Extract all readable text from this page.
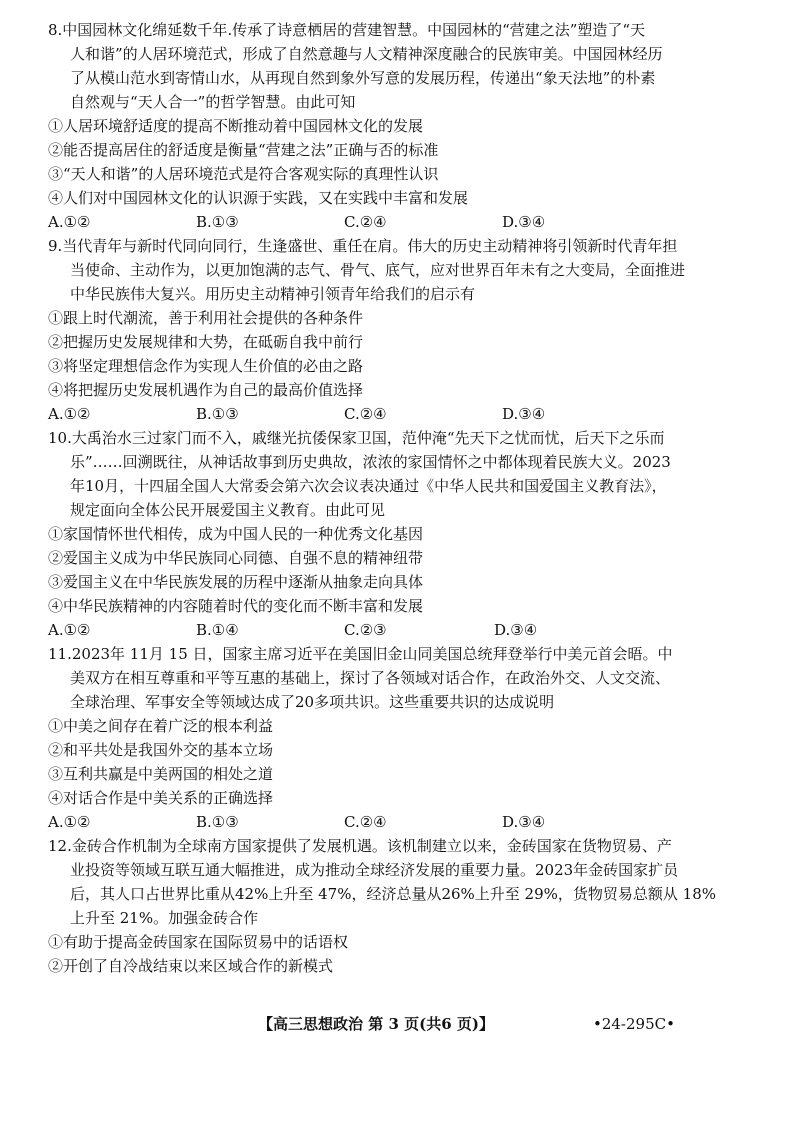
8.中国园林文化绵延数千年.传承了诗意栖居的营建智慧。中国园林的“营建之法”塑造了“天
人和谐”的人居环境范式，形成了自然意趣与人文精神深度融合的民族审美。中国园林经历
了从模山范水到寄情山水，从再现自然到象外写意的发展历程，传递出“象天法地”的朴素
自然观与“天人合一”的哲学智慧。由此可知
①人居环境舒适度的提高不断推动着中国园林文化的发展
②能否提高居住的舒适度是衡量“营建之法”正确与否的标准
③“天人和谐”的人居环境范式是符合客观实际的真理性认识
④人们对中国园林文化的认识源于实践，又在实践中丰富和发展
A.①②	B.①③	C.②④	D.③④
9.当代青年与新时代同向同行，生逢盛世、重任在肩。伟大的历史主动精神将引领新时代青年担
当使命、主动作为，以更加饱满的志气、骨气、底气，应对世界百年未有之大变局，全面推进
中华民族伟大复兴。用历史主动精神引领青年给我们的启示有
①跟上时代潮流，善于利用社会提供的各种条件
②把握历史发展规律和大势，在砥砺自我中前行
③将坚定理想信念作为实现人生价值的必由之路
④将把握历史发展机遇作为自己的最高价值选择
A.①②	B.①③	C.②④	D.③④
10.大禹治水三过家门而不入，戚继光抗倭保家卫国，范仲淹“先天下之忧而忧，后天下之乐而
乐”……回溯既往，从神话故事到历史典故，浓浓的家国情怀之中都体现着民族大义。2023
年10月，十四届全国人大常委会第六次会议表决通过《中华人民共和国爱国主义教育法》，
规定面向全体公民开展爱国主义教育。由此可见
①家国情怀世代相传，成为中国人民的一种优秀文化基因
②爱国主义成为中华民族同心同德、自强不息的精神纽带
③爱国主义在中华民族发展的历程中逐渐从抽象走向具体
④中华民族精神的内容随着时代的变化而不断丰富和发展
A.①②	B.①④	C.②③	D.③④
11.2023年 11月 15 日，国家主席习近平在美国旧金山同美国总统拜登举行中美元首会晤。中
美双方在相互尊重和平等互惠的基础上，探讨了各领域对话合作，在政治外交、人文交流、
全球治理、军事安全等领域达成了20多项共识。这些重要共识的达成说明
①中美之间存在着广泛的根本利益
②和平共处是我国外交的基本立场
③互利共赢是中美两国的相处之道
④对话合作是中美关系的正确选择
A.①②	B.①③	C.②④	D.③④
12.金砖合作机制为全球南方国家提供了发展机遇。该机制建立以来，金砖国家在货物贸易、产
业投资等领域互联互通大幅推进，成为推动全球经济发展的重要力量。2023年金砖国家扩员
后，其人口占世界比重从42%上升至 47%，经济总量从26%上升至 29%，货物贸易总额从 18%
上升至 21%。加强金砖合作
①有助于提高金砖国家在国际贸易中的话语权
②开创了自冷战结束以来区域合作的新模式
【高三思想政治 第 3 页(共6 页)】	•24-295C•
